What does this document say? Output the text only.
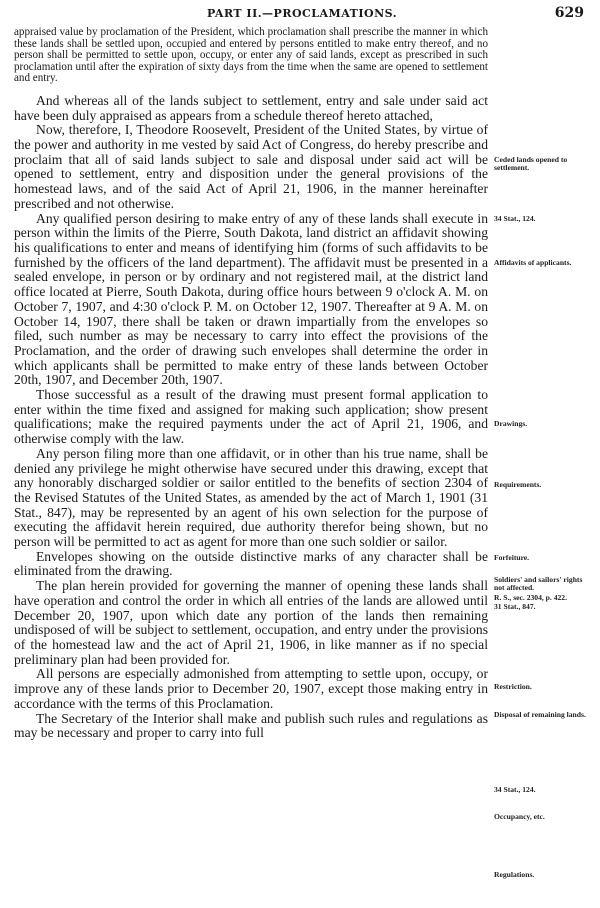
PART II.—PROCLAMATIONS.	629

appraised value by proclamation of the President, which proclamation shall prescribe the manner in which these lands shall be settled upon, occupied and entered by persons entitled to make entry thereof, and no person shall be permitted to settle upon, occupy, or enter any of said lands, except as prescribed in such proclamation until after the expiration of sixty days from the time when the same are opened to settlement and entry.

And whereas all of the lands subject to settlement, entry and sale under said act have been duly appraised as appears from a schedule thereof hereto attached,

Now, therefore, I, Theodore Roosevelt, President of the United States, by virtue of the power and authority in me vested by said Act of Congress, do hereby prescribe and proclaim that all of said lands subject to sale and disposal under said act will be opened to settlement, entry and disposition under the general provisions of the homestead laws, and of the said Act of April 21, 1906, in the manner hereinafter prescribed and not otherwise.

Any qualified person desiring to make entry of any of these lands shall execute in person within the limits of the Pierre, South Dakota, land district an affidavit showing his qualifications to enter and means of identifying him (forms of such affidavits to be furnished by the officers of the land department). The affidavit must be presented in a sealed envelope, in person or by ordinary and not registered mail, at the district land office located at Pierre, South Dakota, during office hours between 9 o'clock A. M. on October 7, 1907, and 4:30 o'clock P. M. on October 12, 1907. Thereafter at 9 A. M. on October 14, 1907, there shall be taken or drawn impartially from the envelopes so filed, such number as may be necessary to carry into effect the provisions of the Proclamation, and the order of drawing such envelopes shall determine the order in which applicants shall be permitted to make entry of these lands between October 20th, 1907, and December 20th, 1907.

Those successful as a result of the drawing must present formal application to enter within the time fixed and assigned for making such application; show present qualifications; make the required payments under the act of April 21, 1906, and otherwise comply with the law.

Any person filing more than one affidavit, or in other than his true name, shall be denied any privilege he might otherwise have secured under this drawing, except that any honorably discharged soldier or sailor entitled to the benefits of section 2304 of the Revised Statutes of the United States, as amended by the act of March 1, 1901 (31 Stat., 847), may be represented by an agent of his own selection for the purpose of executing the affidavit herein required, due authority therefor being shown, but no person will be permitted to act as agent for more than one such soldier or sailor.

Envelopes showing on the outside distinctive marks of any character shall be eliminated from the drawing.

The plan herein provided for governing the manner of opening these lands shall have operation and control the order in which all entries of the lands are allowed until December 20, 1907, upon which date any portion of the lands then remaining undisposed of will be subject to settlement, occupation, and entry under the provisions of the homestead law and the act of April 21, 1906, in like manner as if no special preliminary plan had been provided for.

All persons are especially admonished from attempting to settle upon, occupy, or improve any of these lands prior to December 20, 1907, except those making entry in accordance with the terms of this Proclamation.

The Secretary of the Interior shall make and publish such rules and regulations as may be necessary and proper to carry into full

Ceded lands opened to settlement.
34 Stat., 124.
Affidavits of applicants.
Drawings.
Requirements.
Forfeiture.
Soldiers' and sailors' rights not affected.
R. S., sec. 2304, p. 422.
31 Stat., 847.
Restriction.
Disposal of remaining lands.
34 Stat., 124.
Occupancy, etc.
Regulations.
